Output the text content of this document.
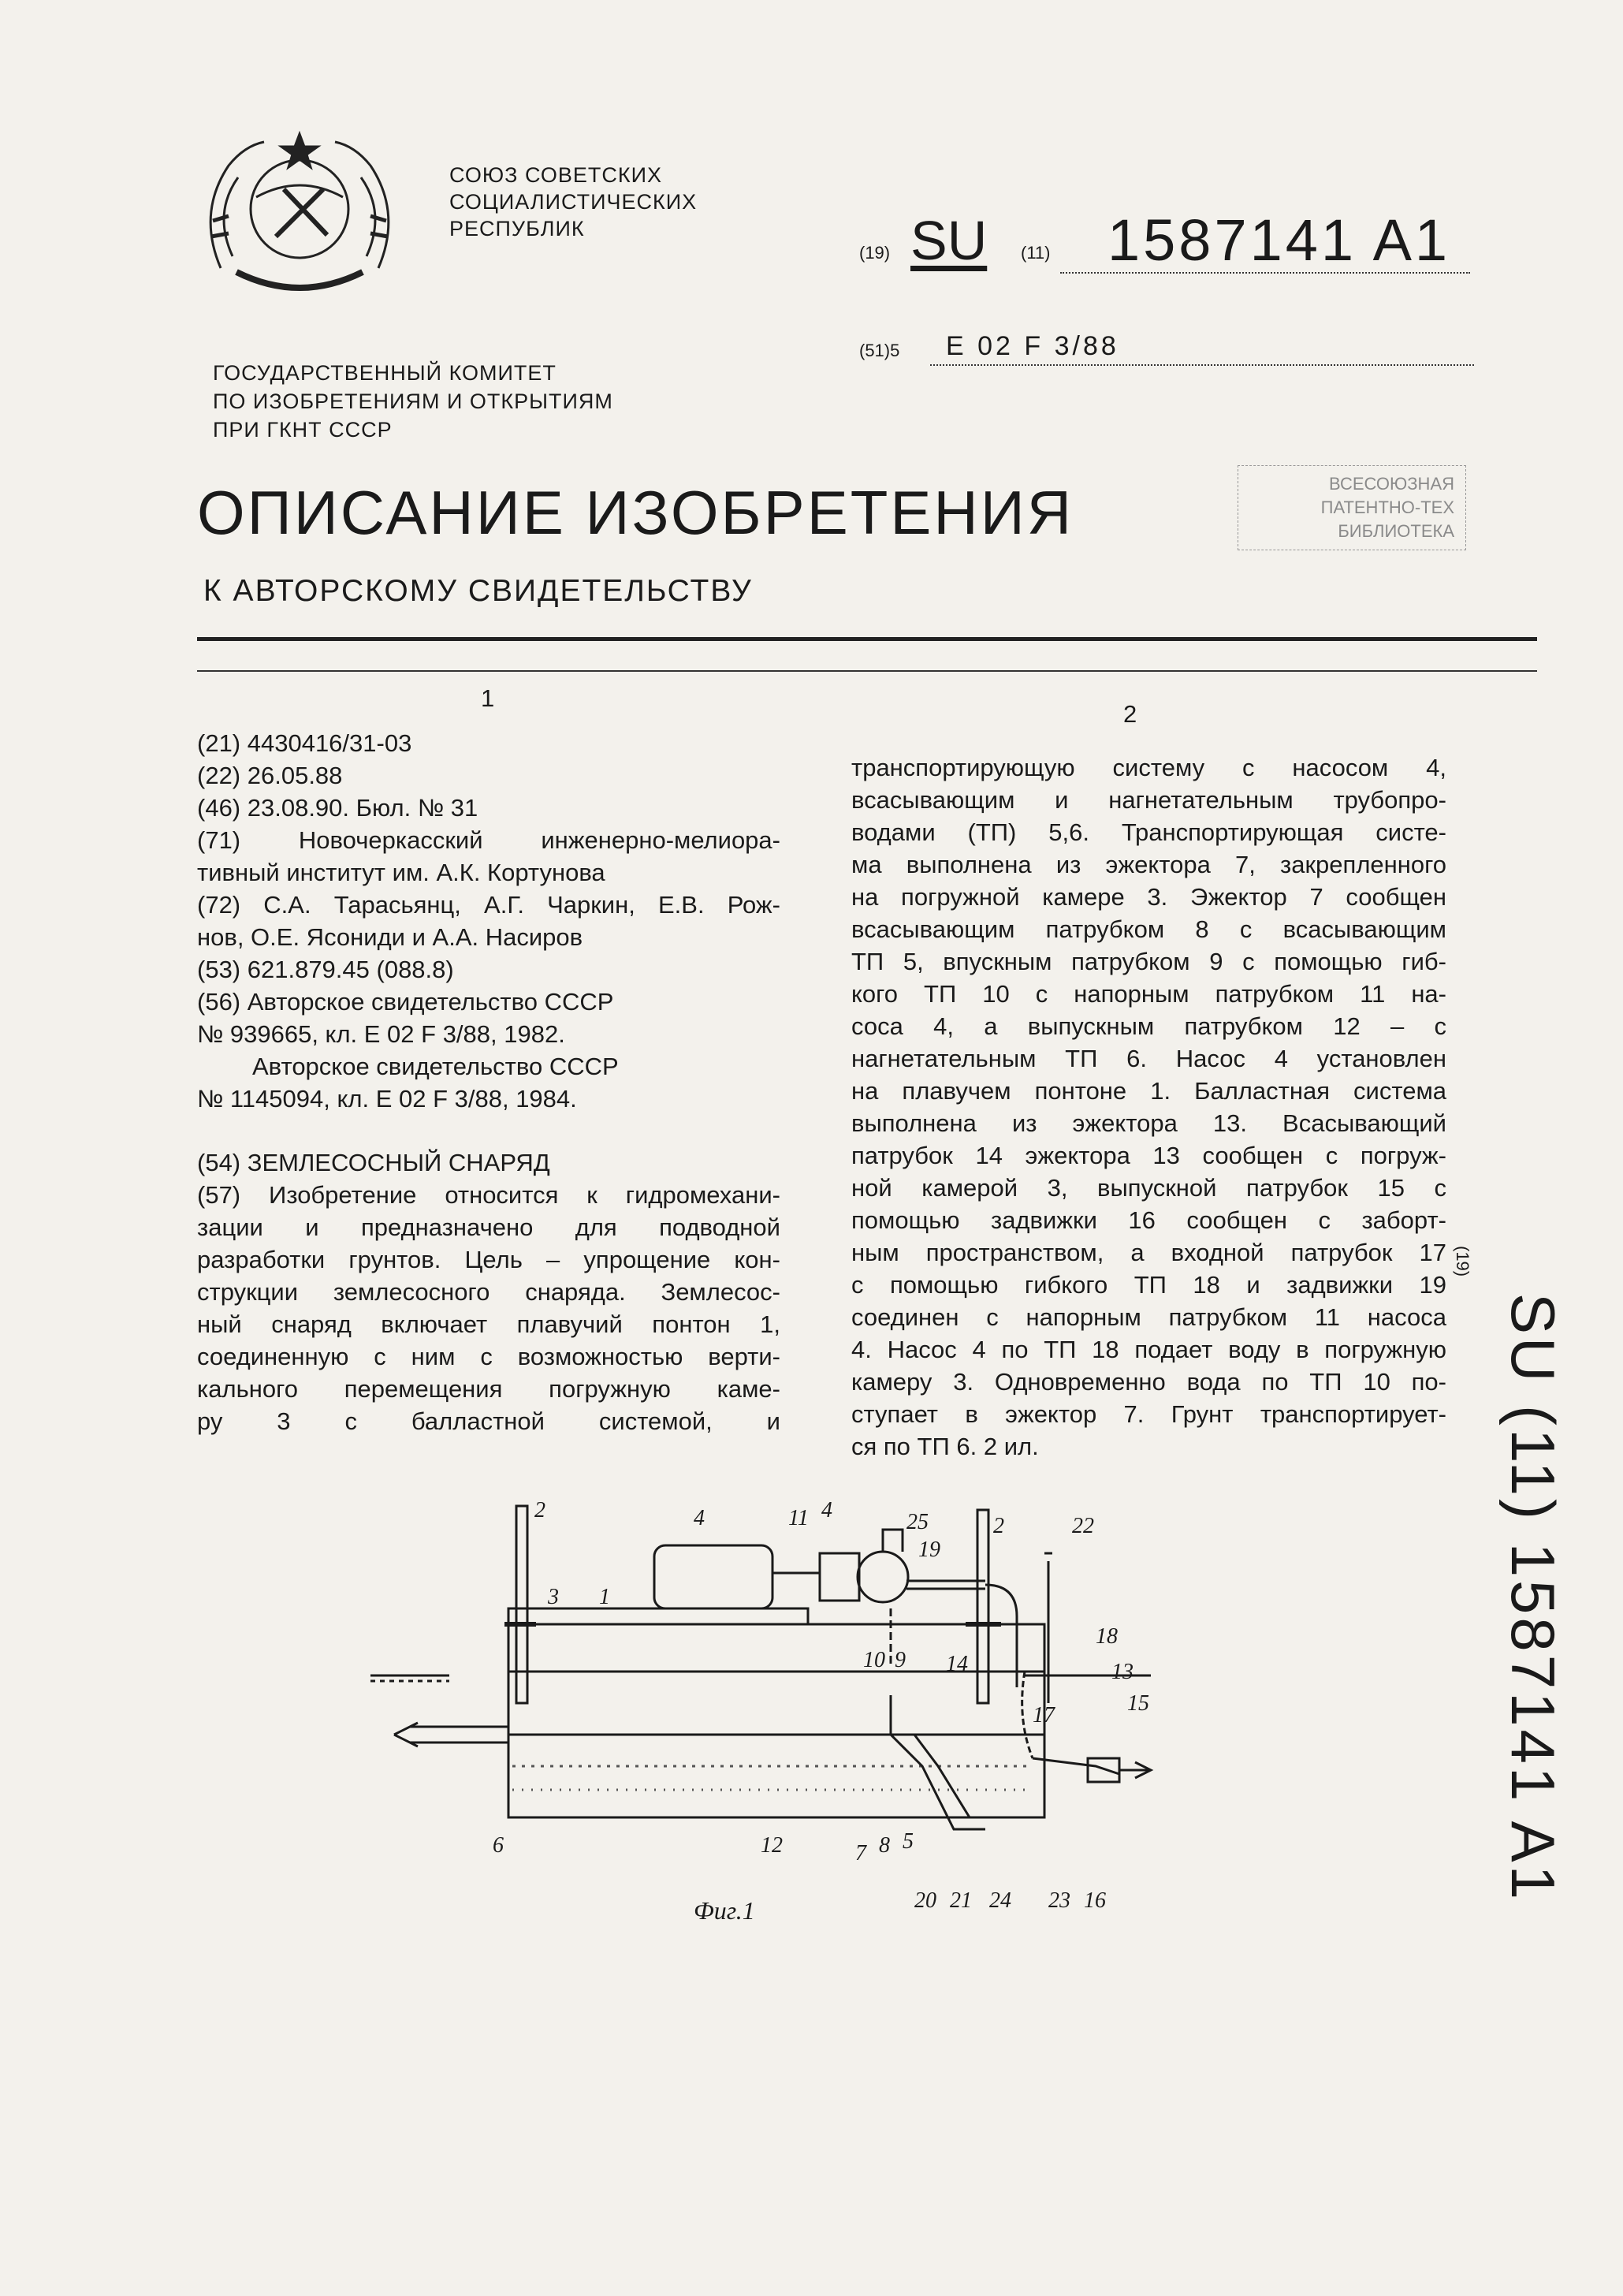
СОЮЗ СОВЕТСКИХ
СОЦИАЛИСТИЧЕСКИХ
РЕСПУБЛИК
(19) SU (11) 1587141 A1
(51)5 E 02 F 3/88
ГОСУДАРСТВЕННЫЙ КОМИТЕТ
ПО ИЗОБРЕТЕНИЯМ И ОТКРЫТИЯМ
ПРИ ГКНТ СССР
ВСЕСОЮЗНАЯ
ПАТЕНТНО-ТЕХ
БИБЛИОТЕКА
ОПИСАНИЕ ИЗОБРЕТЕНИЯ
К АВТОРСКОМУ СВИДЕТЕЛЬСТВУ
1
2

(21) 4430416/31-03

(22) 26.05.88

(46) 23.08.90. Бюл. № 31

(71) Новочеркасский инженерно-мелиора-

тивный институт им. А.К. Кортунова

(72) С.А. Тарасьянц, А.Г. Чаркин, Е.В. Рож-

нов, О.Е. Ясониди и А.А. Насиров

(53) 621.879.45 (088.8)

(56) Авторское свидетельство СССР

№ 939665, кл. Е 02 F 3/88, 1982.

Авторское свидетельство СССР

№ 1145094, кл. Е 02 F 3/88, 1984.

(54) ЗЕМЛЕСОСНЫЙ СНАРЯД

(57) Изобретение относится к гидромехани-

зации и предназначено для подводной

разработки грунтов. Цель – упрощение кон-

струкции землесосного снаряда. Землесос-

ный снаряд включает плавучий понтон 1,

соединенную с ним с возможностью верти-

кального перемещения погружную каме-

ру 3 с балластной системой, и

транспортирующую систему с насосом 4,

всасывающим и нагнетательным трубопро-

водами (ТП) 5,6. Транспортирующая систе-

ма выполнена из эжектора 7, закрепленного

на погружной камере 3. Эжектор 7 сообщен

всасывающим патрубком 8 с всасывающим

ТП 5, впускным патрубком 9 с помощью гиб-

кого ТП 10 с напорным патрубком 11 на-

соса 4, а выпускным патрубком 12 – с

нагнетательным ТП 6. Насос 4 установлен

на плавучем понтоне 1. Балластная система

выполнена из эжектора 13. Всасывающий

патрубок 14 эжектора 13 сообщен с погруж-

ной камерой 3, выпускной патрубок 15 с

помощью задвижки 16 сообщен с заборт-

ным пространством, а входной патрубок 17

с помощью гибкого ТП 18 и задвижки 19

соединен с напорным патрубком 11 насоса

4. Насос 4 по ТП 18 подает воду в погружную

камеру 3. Одновременно вода по ТП 10 по-

ступает в эжектор 7. Грунт транспортирует-

ся по ТП 6. 2 ил.

(19)
SU (11) 1587141 A1
2
3 1
4	11 4	25
19
2	22
18
13
15
14
10 9
17
6	12	7 8 5
20 21 24 23 16
Фиг.1
